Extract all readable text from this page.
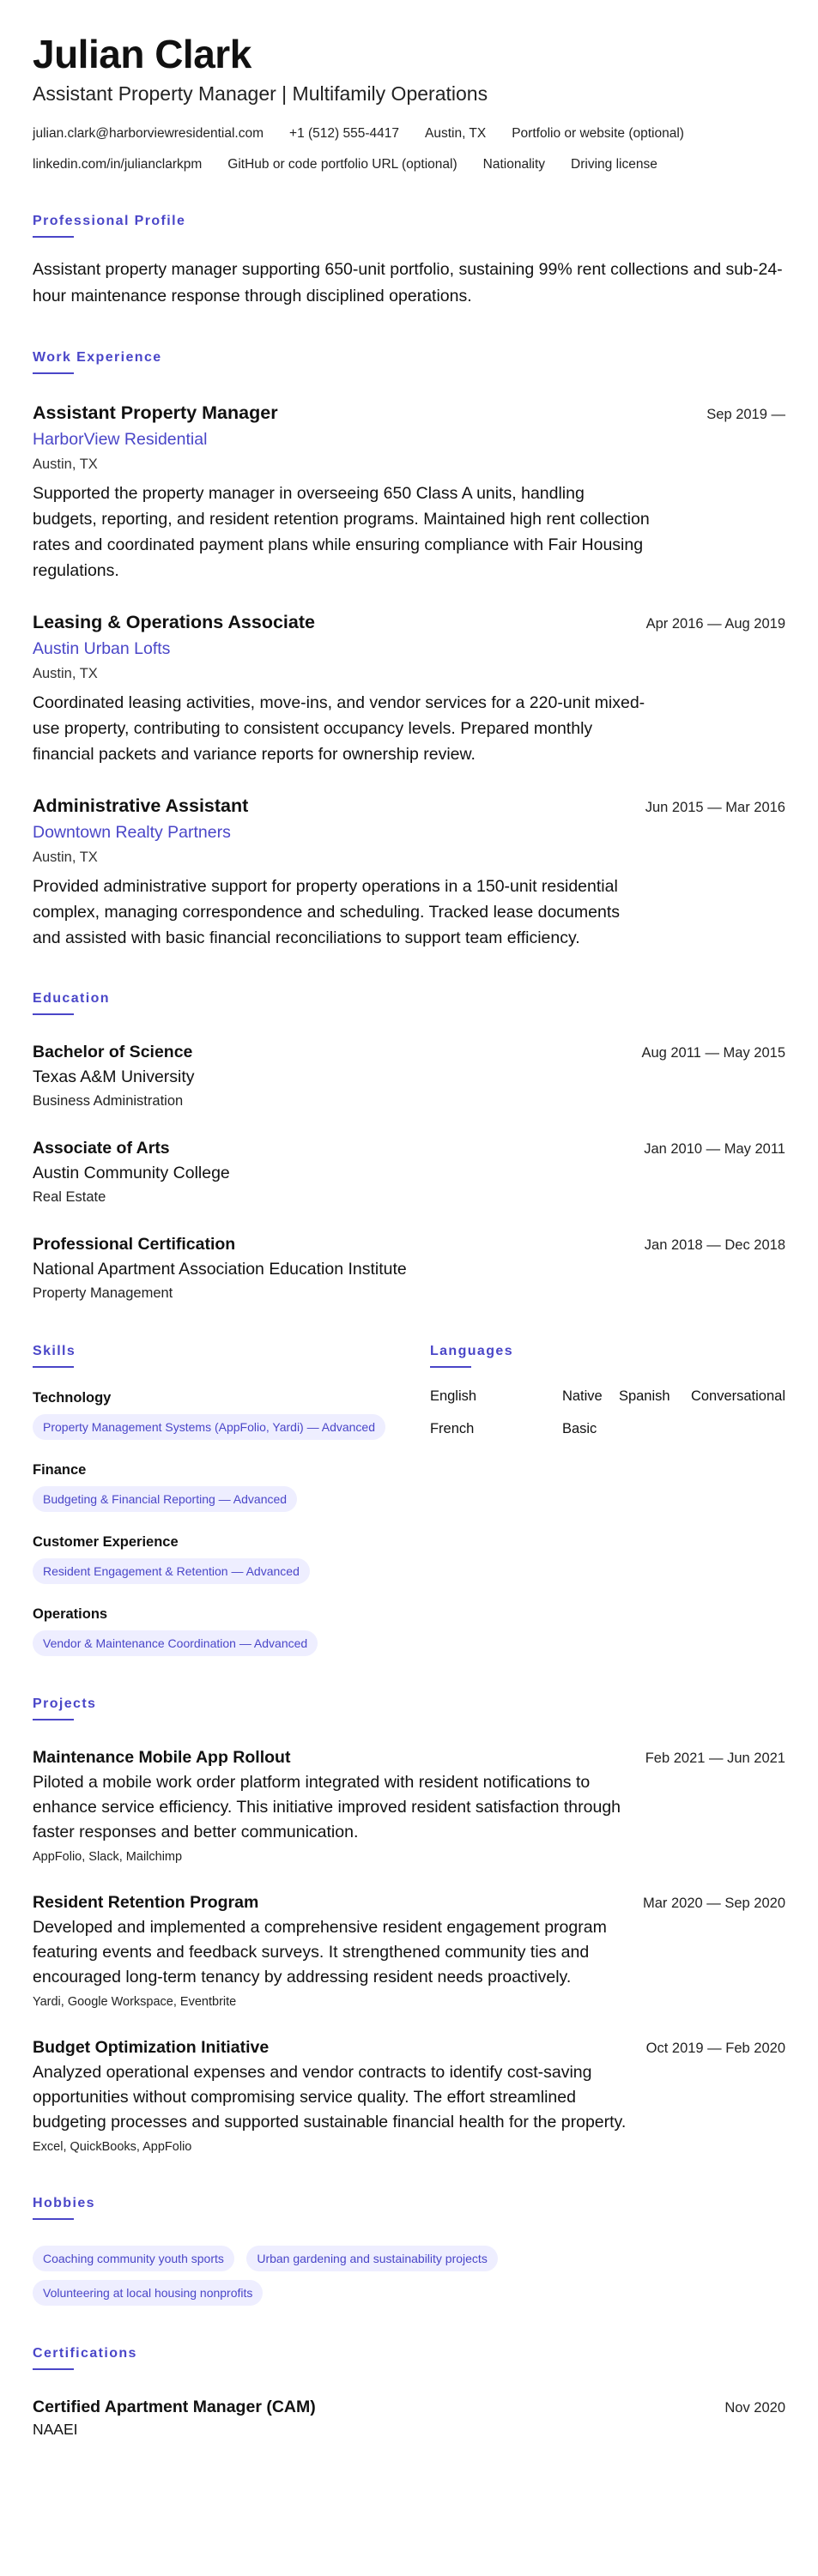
Julian Clark
Assistant Property Manager | Multifamily Operations
julian.clark@harborviewresidential.com +1 (512) 555-4417 Austin, TX Portfolio or website (optional)
linkedin.com/in/julianclarkpm GitHub or code portfolio URL (optional) Nationality Driving license
Professional Profile

Assistant property manager supporting 650-unit portfolio, sustaining 99% rent collections and sub-24-hour maintenance response through disciplined operations.

Work Experience
Assistant Property Manager	Sep 2019 —
HarborView Residential
Austin, TX

Supported the property manager in overseeing 650 Class A units, handling budgets, reporting, and resident retention programs. Maintained high rent collection rates and coordinated payment plans while ensuring compliance with Fair Housing regulations.

Leasing & Operations Associate	Apr 2016 — Aug 2019
Austin Urban Lofts
Austin, TX

Coordinated leasing activities, move-ins, and vendor services for a 220-unit mixed-use property, contributing to consistent occupancy levels. Prepared monthly financial packets and variance reports for ownership review.

Administrative Assistant	Jun 2015 — Mar 2016
Downtown Realty Partners
Austin, TX

Provided administrative support for property operations in a 150-unit residential complex, managing correspondence and scheduling. Tracked lease documents and assisted with basic financial reconciliations to support team efficiency.

Education
Bachelor of Science	Aug 2011 — May 2015
Texas A&M University
Business Administration
Associate of Arts	Jan 2010 — May 2011
Austin Community College
Real Estate
Professional Certification	Jan 2018 — Dec 2018
National Apartment Association Education Institute
Property Management
Skills
Technology
Property Management Systems (AppFolio, Yardi) — Advanced
Finance
Budgeting & Financial Reporting — Advanced
Customer Experience
Resident Engagement & Retention — Advanced
Operations
Vendor & Maintenance Coordination — Advanced
Languages
English	Native	Spanish	Conversational
French	Basic
Projects
Maintenance Mobile App Rollout	Feb 2021 — Jun 2021

Piloted a mobile work order platform integrated with resident notifications to enhance service efficiency. This initiative improved resident satisfaction through faster responses and better communication.

AppFolio, Slack, Mailchimp
Resident Retention Program	Mar 2020 — Sep 2020

Developed and implemented a comprehensive resident engagement program featuring events and feedback surveys. It strengthened community ties and encouraged long-term tenancy by addressing resident needs proactively.

Yardi, Google Workspace, Eventbrite
Budget Optimization Initiative	Oct 2019 — Feb 2020

Analyzed operational expenses and vendor contracts to identify cost-saving opportunities without compromising service quality. The effort streamlined budgeting processes and supported sustainable financial health for the property.

Excel, QuickBooks, AppFolio
Hobbies
Coaching community youth sports	Urban gardening and sustainability projects Volunteering at local housing nonprofits
Certifications
Certified Apartment Manager (CAM)	Nov 2020
NAAEI
